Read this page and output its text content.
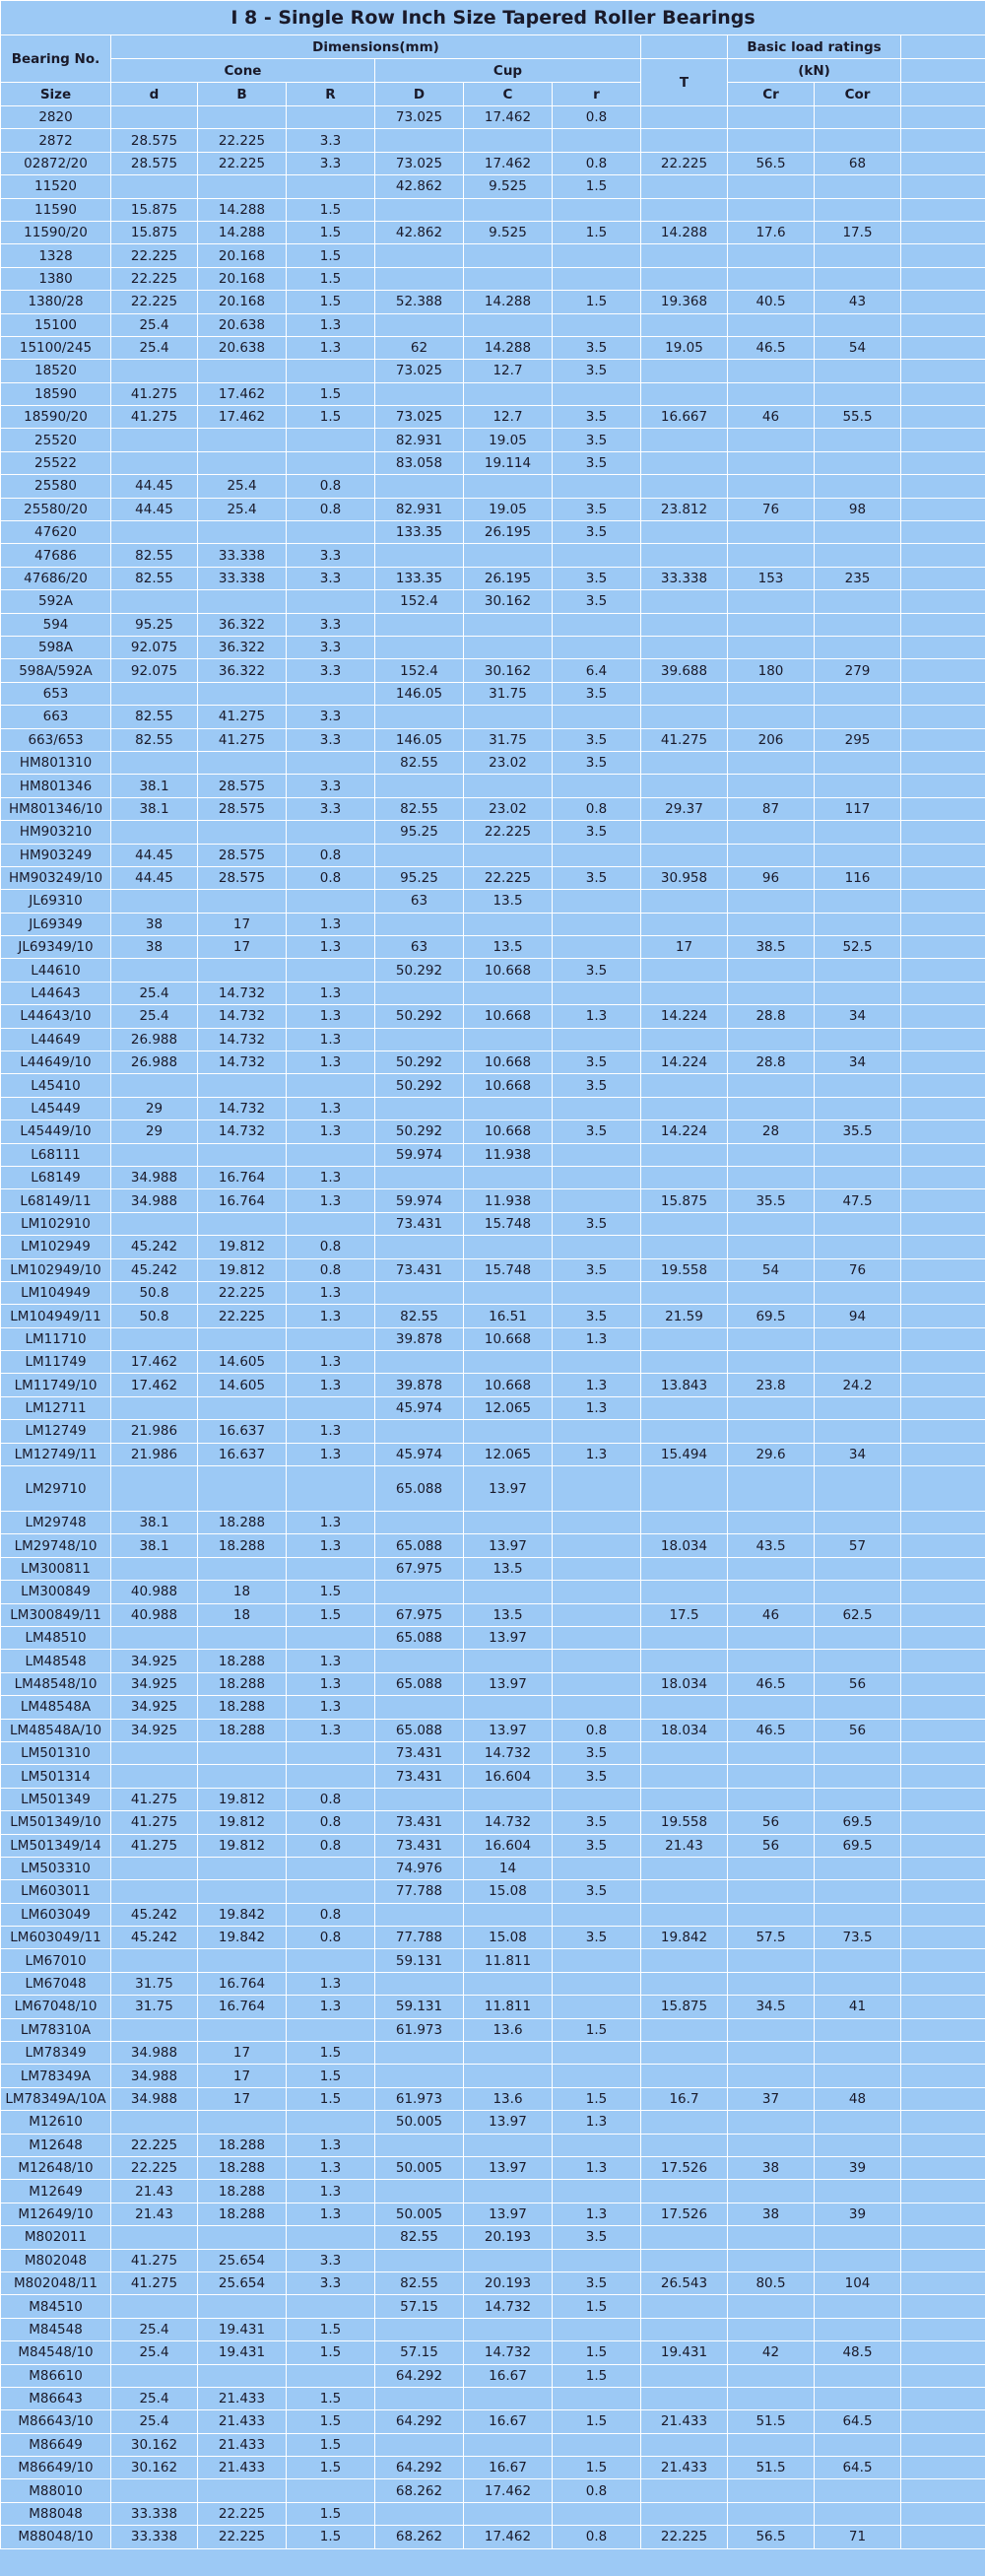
I 8 - Single Row Inch Size Tapered Roller Bearings										
Bearing No.	Dimensions(mm)							Basic load ratings		
	Cone			Cup			T	(kN)		
Size	d	B	R	D	C	r		Cr	Cor	
2820				73.025	17.462	0.8				
2872	28.575	22.225	3.3							
02872/20	28.575	22.225	3.3	73.025	17.462	0.8	22.225	56.5	68	
11520				42.862	9.525	1.5				
11590	15.875	14.288	1.5							
11590/20	15.875	14.288	1.5	42.862	9.525	1.5	14.288	17.6	17.5	
1328	22.225	20.168	1.5							
1380	22.225	20.168	1.5							
1380/28	22.225	20.168	1.5	52.388	14.288	1.5	19.368	40.5	43	
15100	25.4	20.638	1.3							
15100/245	25.4	20.638	1.3	62	14.288	3.5	19.05	46.5	54	
18520				73.025	12.7	3.5				
18590	41.275	17.462	1.5							
18590/20	41.275	17.462	1.5	73.025	12.7	3.5	16.667	46	55.5	
25520				82.931	19.05	3.5				
25522				83.058	19.114	3.5				
25580	44.45	25.4	0.8							
25580/20	44.45	25.4	0.8	82.931	19.05	3.5	23.812	76	98	
47620				133.35	26.195	3.5				
47686	82.55	33.338	3.3							
47686/20	82.55	33.338	3.3	133.35	26.195	3.5	33.338	153	235	
592A				152.4	30.162	3.5				
594	95.25	36.322	3.3							
598A	92.075	36.322	3.3							
598A/592A	92.075	36.322	3.3	152.4	30.162	6.4	39.688	180	279	
653				146.05	31.75	3.5				
663	82.55	41.275	3.3							
663/653	82.55	41.275	3.3	146.05	31.75	3.5	41.275	206	295	
HM801310				82.55	23.02	3.5				
HM801346	38.1	28.575	3.3							
HM801346/10	38.1	28.575	3.3	82.55	23.02	0.8	29.37	87	117	
HM903210				95.25	22.225	3.5				
HM903249	44.45	28.575	0.8							
HM903249/10	44.45	28.575	0.8	95.25	22.225	3.5	30.958	96	116	
JL69310				63	13.5					
JL69349	38	17	1.3							
JL69349/10	38	17	1.3	63	13.5		17	38.5	52.5	
L44610				50.292	10.668	3.5				
L44643	25.4	14.732	1.3							
L44643/10	25.4	14.732	1.3	50.292	10.668	1.3	14.224	28.8	34	
L44649	26.988	14.732	1.3							
L44649/10	26.988	14.732	1.3	50.292	10.668	3.5	14.224	28.8	34	
L45410				50.292	10.668	3.5				
L45449	29	14.732	1.3							
L45449/10	29	14.732	1.3	50.292	10.668	3.5	14.224	28	35.5	
L68111				59.974	11.938					
L68149	34.988	16.764	1.3							
L68149/11	34.988	16.764	1.3	59.974	11.938		15.875	35.5	47.5	
LM102910				73.431	15.748	3.5				
LM102949	45.242	19.812	0.8							
LM102949/10	45.242	19.812	0.8	73.431	15.748	3.5	19.558	54	76	
LM104949	50.8	22.225	1.3							
LM104949/11	50.8	22.225	1.3	82.55	16.51	3.5	21.59	69.5	94	
LM11710				39.878	10.668	1.3				
LM11749	17.462	14.605	1.3							
LM11749/10	17.462	14.605	1.3	39.878	10.668	1.3	13.843	23.8	24.2	
LM12711				45.974	12.065	1.3				
LM12749	21.986	16.637	1.3							
LM12749/11	21.986	16.637	1.3	45.974	12.065	1.3	15.494	29.6	34	
LM29710				65.088	13.97					
LM29748	38.1	18.288	1.3							
LM29748/10	38.1	18.288	1.3	65.088	13.97		18.034	43.5	57	
LM300811				67.975	13.5					
LM300849	40.988	18	1.5							
LM300849/11	40.988	18	1.5	67.975	13.5		17.5	46	62.5	
LM48510				65.088	13.97					
LM48548	34.925	18.288	1.3							
LM48548/10	34.925	18.288	1.3	65.088	13.97		18.034	46.5	56	
LM48548A	34.925	18.288	1.3							
LM48548A/10	34.925	18.288	1.3	65.088	13.97	0.8	18.034	46.5	56	
LM501310				73.431	14.732	3.5				
LM501314				73.431	16.604	3.5				
LM501349	41.275	19.812	0.8							
LM501349/10	41.275	19.812	0.8	73.431	14.732	3.5	19.558	56	69.5	
LM501349/14	41.275	19.812	0.8	73.431	16.604	3.5	21.43	56	69.5	
LM503310				74.976	14					
LM603011				77.788	15.08	3.5				
LM603049	45.242	19.842	0.8							
LM603049/11	45.242	19.842	0.8	77.788	15.08	3.5	19.842	57.5	73.5	
LM67010				59.131	11.811					
LM67048	31.75	16.764	1.3							
LM67048/10	31.75	16.764	1.3	59.131	11.811		15.875	34.5	41	
LM78310A				61.973	13.6	1.5				
LM78349	34.988	17	1.5							
LM78349A	34.988	17	1.5							
LM78349A/10A	34.988	17	1.5	61.973	13.6	1.5	16.7	37	48	
M12610				50.005	13.97	1.3				
M12648	22.225	18.288	1.3							
M12648/10	22.225	18.288	1.3	50.005	13.97	1.3	17.526	38	39	
M12649	21.43	18.288	1.3							
M12649/10	21.43	18.288	1.3	50.005	13.97	1.3	17.526	38	39	
M802011				82.55	20.193	3.5				
M802048	41.275	25.654	3.3							
M802048/11	41.275	25.654	3.3	82.55	20.193	3.5	26.543	80.5	104	
M84510				57.15	14.732	1.5				
M84548	25.4	19.431	1.5							
M84548/10	25.4	19.431	1.5	57.15	14.732	1.5	19.431	42	48.5	
M86610				64.292	16.67	1.5				
M86643	25.4	21.433	1.5							
M86643/10	25.4	21.433	1.5	64.292	16.67	1.5	21.433	51.5	64.5	
M86649	30.162	21.433	1.5							
M86649/10	30.162	21.433	1.5	64.292	16.67	1.5	21.433	51.5	64.5	
M88010				68.262	17.462	0.8				
M88048	33.338	22.225	1.5							
M88048/10	33.338	22.225	1.5	68.262	17.462	0.8	22.225	56.5	71	
